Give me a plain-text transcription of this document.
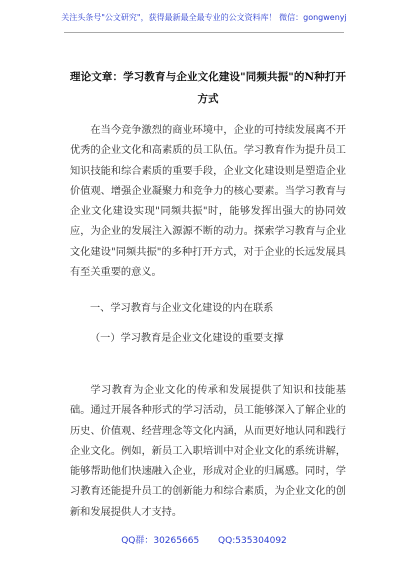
关注头条号"公文研究"，获得最新最全最专业的公文资料库！ 微信：gongwenyj
理论文章：学习教育与企业文化建设"同频共振"的N种打开方式
在当今竞争激烈的商业环境中，企业的可持续发展离不开优秀的企业文化和高素质的员工队伍。学习教育作为提升员工知识技能和综合素质的重要手段，企业文化建设则是塑造企业价值观、增强企业凝聚力和竞争力的核心要素。当学习教育与企业文化建设实现"同频共振"时，能够发挥出强大的协同效应，为企业的发展注入源源不断的动力。探索学习教育与企业文化建设"同频共振"的多种打开方式，对于企业的长远发展具有至关重要的意义。
一、学习教育与企业文化建设的内在联系
（一）学习教育是企业文化建设的重要支撑
学习教育为企业文化的传承和发展提供了知识和技能基础。通过开展各种形式的学习活动，员工能够深入了解企业的历史、价值观、经营理念等文化内涵，从而更好地认同和践行企业文化。例如，新员工入职培训中对企业文化的系统讲解，能够帮助他们快速融入企业，形成对企业的归属感。同时，学习教育还能提升员工的创新能力和综合素质，为企业文化的创新和发展提供人才支持。
QQ群：30265665 QQ:535304092
